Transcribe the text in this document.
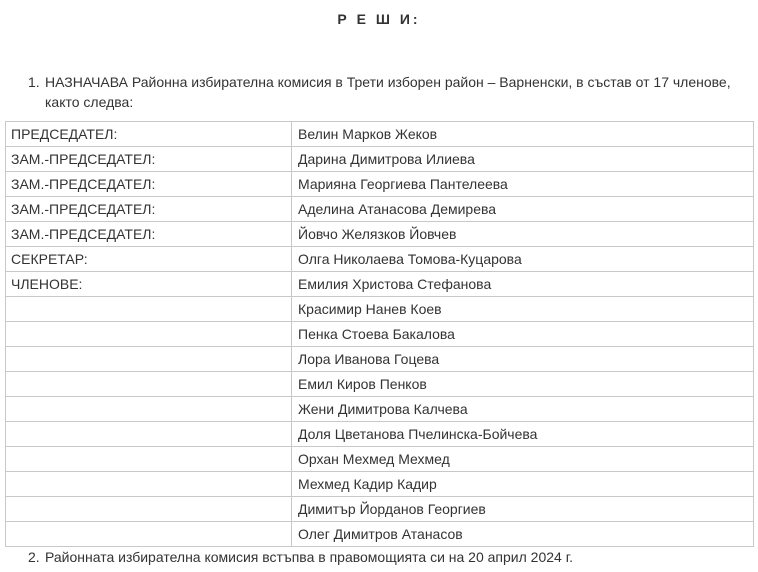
Р Е Ш И:
1. НАЗНАЧАВА Районна избирателна комисия в Трети изборен район – Варненски, в състав от 17 членове, както следва:
ПРЕДСЕДАТЕЛ:	Велин Марков Жеков
ЗАМ.-ПРЕДСЕДАТЕЛ:	Дарина Димитрова Илиева
ЗАМ.-ПРЕДСЕДАТЕЛ:	Марияна Георгиева Пантелеева
ЗАМ.-ПРЕДСЕДАТЕЛ:	Аделина Атанасова Демирева
ЗАМ.-ПРЕДСЕДАТЕЛ:	Йовчо Желязков Йовчев
СЕКРЕТАР:	Олга Николаева Томова-Куцарова
ЧЛЕНОВЕ:	Емилия Христова Стефанова
	Красимир Нанев Коев
	Пенка Стоева Бакалова
	Лора Иванова Гоцева
	Емил Киров Пенков
	Жени Димитрова Калчева
	Доля Цветанова Пчелинска-Бойчева
	Орхан Мехмед Мехмед
	Мехмед Кадир Кадир
	Димитър Йорданов Георгиев
	Олег Димитров Атанасов
2. Районната избирателна комисия встъпва в правомощията си на 20 април 2024 г.
